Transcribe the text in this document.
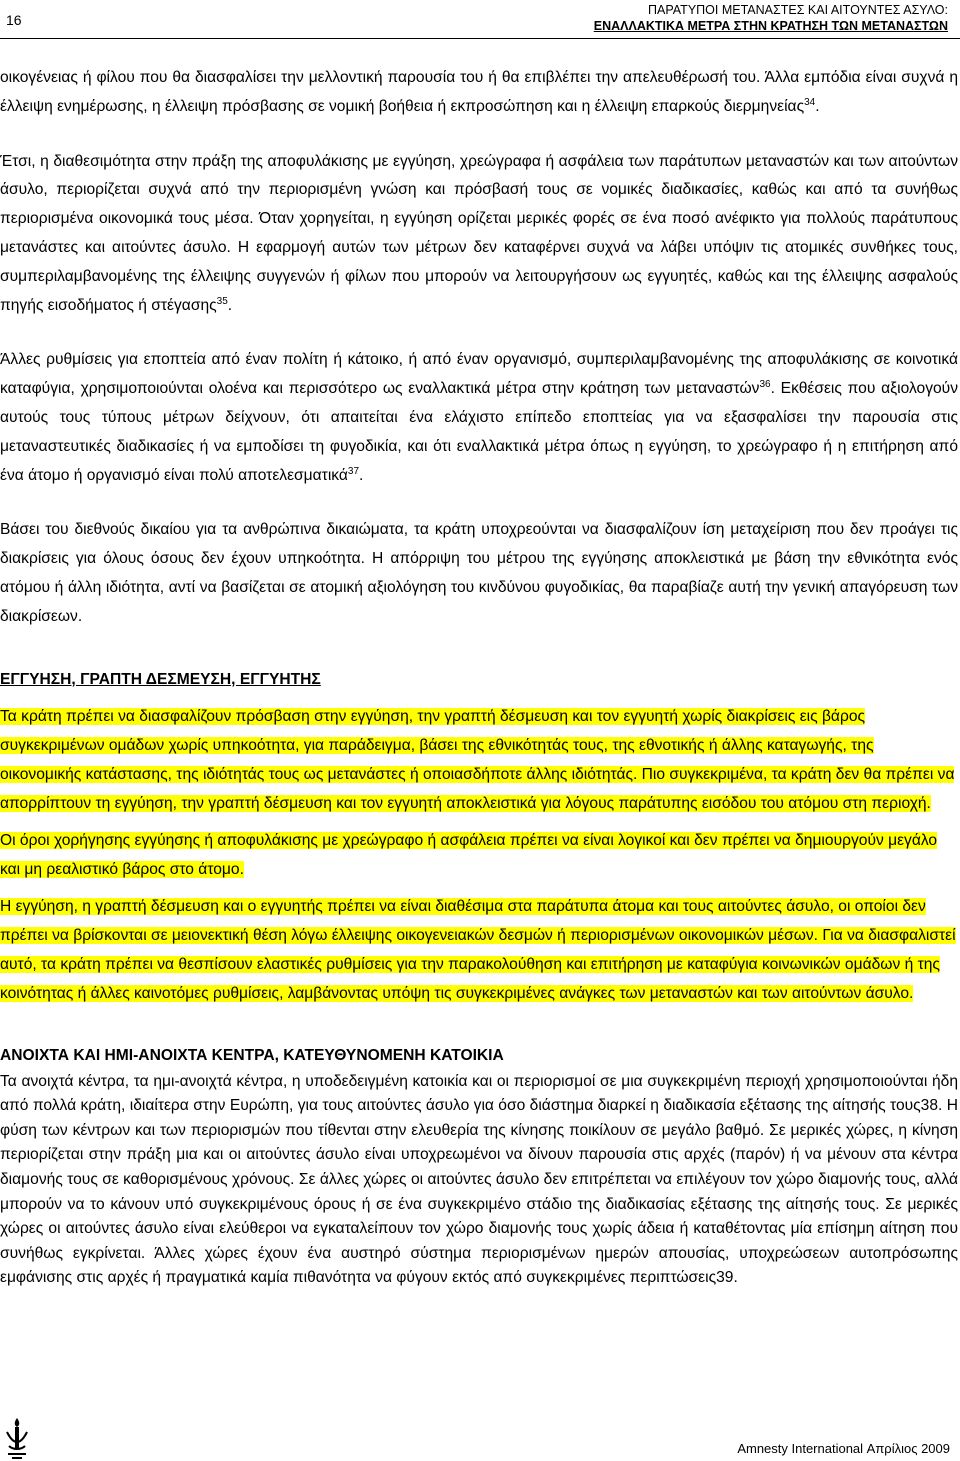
16
ΠΑΡΑΤΥΠΟΙ ΜΕΤΑΝΑΣΤΕΣ ΚΑΙ ΑΙΤΟΥΝΤΕΣ ΑΣΥΛΟ:
ΕΝΑΛΛΑΚΤΙΚΑ ΜΕΤΡΑ ΣΤΗΝ ΚΡΑΤΗΣΗ ΤΩΝ ΜΕΤΑΝΑΣΤΩΝ

οικογένειας ή φίλου που θα διασφαλίσει την μελλοντική παρουσία του ή θα επιβλέπει την απελευθέρωσή του. Άλλα εμπόδια είναι συχνά η έλλειψη ενημέρωσης, η έλλειψη πρόσβασης σε νομική βοήθεια ή εκπροσώπηση και η έλλειψη επαρκούς διερμηνείας$^{34}$.

Έτσι, η διαθεσιμότητα στην πράξη της αποφυλάκισης με εγγύηση, χρεώγραφα ή ασφάλεια των παράτυπων μεταναστών και των αιτούντων άσυλο, περιορίζεται συχνά από την περιορισμένη γνώση και πρόσβασή τους σε νομικές διαδικασίες, καθώς και από τα συνήθως περιορισμένα οικονομικά τους μέσα. Όταν χορηγείται, η εγγύηση ορίζεται μερικές φορές σε ένα ποσό ανέφικτο για πολλούς παράτυπους μετανάστες και αιτούντες άσυλο. Η εφαρμογή αυτών των μέτρων δεν καταφέρνει συχνά να λάβει υπόψιν τις ατομικές συνθήκες τους, συμπεριλαμβανομένης της έλλειψης συγγενών ή φίλων που μπορούν να λειτουργήσουν ως εγγυητές, καθώς και της έλλειψης ασφαλούς πηγής εισοδήματος ή στέγασης$^{35}$.

Άλλες ρυθμίσεις για εποπτεία από έναν πολίτη ή κάτοικο, ή από έναν οργανισμό, συμπεριλαμβανομένης της αποφυλάκισης σε κοινοτικά καταφύγια, χρησιμοποιούνται ολοένα και περισσότερο ως εναλλακτικά μέτρα στην κράτηση των μεταναστών$^{36}$. Εκθέσεις που αξιολογούν αυτούς τους τύπους μέτρων δείχνουν, ότι απαιτείται ένα ελάχιστο επίπεδο εποπτείας για να εξασφαλίσει την παρουσία στις μεταναστευτικές διαδικασίες ή να εμποδίσει τη φυγοδικία, και ότι εναλλακτικά μέτρα όπως η εγγύηση, το χρεώγραφο ή η επιτήρηση από ένα άτομο ή οργανισμό είναι πολύ αποτελεσματικά$^{37}$.

Βάσει του διεθνούς δικαίου για τα ανθρώπινα δικαιώματα, τα κράτη υποχρεούνται να διασφαλίζουν ίση μεταχείριση που δεν προάγει τις διακρίσεις για όλους όσους δεν έχουν υπηκοότητα. Η απόρριψη του μέτρου της εγγύησης αποκλειστικά με βάση την εθνικότητα ενός ατόμου ή άλλη ιδιότητα, αντί να βασίζεται σε ατομική αξιολόγηση του κινδύνου φυγοδικίας, θα παραβίαζε αυτή την γενική απαγόρευση των διακρίσεων.

ΕΓΓΥΗΣΗ, ΓΡΑΠΤΗ ΔΕΣΜΕΥΣΗ, ΕΓΓΥΗΤΗΣ

Τα κράτη πρέπει να διασφαλίζουν πρόσβαση στην εγγύηση, την γραπτή δέσμευση και τον εγγυητή χωρίς διακρίσεις εις βάρος συγκεκριμένων ομάδων χωρίς υπηκοότητα, για παράδειγμα, βάσει της εθνικότητάς τους, της εθνοτικής ή άλλης καταγωγής, της οικονομικής κατάστασης, της ιδιότητάς τους ως μετανάστες ή οποιασδήποτε άλλης ιδιότητάς. Πιο συγκεκριμένα, τα κράτη δεν θα πρέπει να απορρίπτουν τη εγγύηση, την γραπτή δέσμευση και τον εγγυητή αποκλειστικά για λόγους παράτυπης εισόδου του ατόμου στη περιοχή.

Οι όροι χορήγησης εγγύησης ή αποφυλάκισης με χρεώγραφο ή ασφάλεια πρέπει να είναι λογικοί και δεν πρέπει να δημιουργούν μεγάλο και μη ρεαλιστικό βάρος στο άτομο.

Η εγγύηση, η γραπτή δέσμευση και ο εγγυητής πρέπει να είναι διαθέσιμα στα παράτυπα άτομα και τους αιτούντες άσυλο, οι οποίοι δεν πρέπει να βρίσκονται σε μειονεκτική θέση λόγω έλλειψης οικογενειακών δεσμών ή περιορισμένων οικονομικών μέσων. Για να διασφαλιστεί αυτό, τα κράτη πρέπει να θεσπίσουν ελαστικές ρυθμίσεις για την παρακολούθηση και επιτήρηση με καταφύγια κοινωνικών ομάδων ή της κοινότητας ή άλλες καινοτόμες ρυθμίσεις, λαμβάνοντας υπόψη τις συγκεκριμένες ανάγκες των μεταναστών και των αιτούντων άσυλο.

ΑΝΟΙΧΤΑ ΚΑΙ ΗΜΙ-ΑΝΟΙΧΤΑ ΚΕΝΤΡΑ, ΚΑΤΕΥΘΥΝΟΜΕΝΗ ΚΑΤΟΙΚΙΑ

Τα ανοιχτά κέντρα, τα ημι-ανοιχτά κέντρα, η υποδεδειγμένη κατοικία και οι περιορισμοί σε μια συγκεκριμένη περιοχή χρησιμοποιούνται ήδη από πολλά κράτη, ιδιαίτερα στην Ευρώπη, για τους αιτούντες άσυλο για όσο διάστημα διαρκεί η διαδικασία εξέτασης της αίτησής τους38. Η φύση των κέντρων και των περιορισμών που τίθενται στην ελευθερία της κίνησης ποικίλουν σε μεγάλο βαθμό. Σε μερικές χώρες, η κίνηση περιορίζεται στην πράξη μια και οι αιτούντες άσυλο είναι υποχρεωμένοι να δίνουν παρουσία στις αρχές (παρόν) ή να μένουν στα κέντρα διαμονής τους σε καθορισμένους χρόνους. Σε άλλες χώρες οι αιτούντες άσυλο δεν επιτρέπεται να επιλέγουν τον χώρο διαμονής τους, αλλά μπορούν να το κάνουν υπό συγκεκριμένους όρους ή σε ένα συγκεκριμένο στάδιο της διαδικασίας εξέτασης της αίτησής τους. Σε μερικές χώρες οι αιτούντες άσυλο είναι ελεύθεροι να εγκαταλείπουν τον χώρο διαμονής τους χωρίς άδεια ή καταθέτοντας μία επίσημη αίτηση που συνήθως εγκρίνεται. Άλλες χώρες έχουν ένα αυστηρό σύστημα περιορισμένων ημερών απουσίας, υποχρεώσεων αυτοπρόσωπης εμφάνισης στις αρχές ή πραγματικά καμία πιθανότητα να φύγουν εκτός από συγκεκριμένες περιπτώσεις39.

Amnesty International Απρίλιος 2009
